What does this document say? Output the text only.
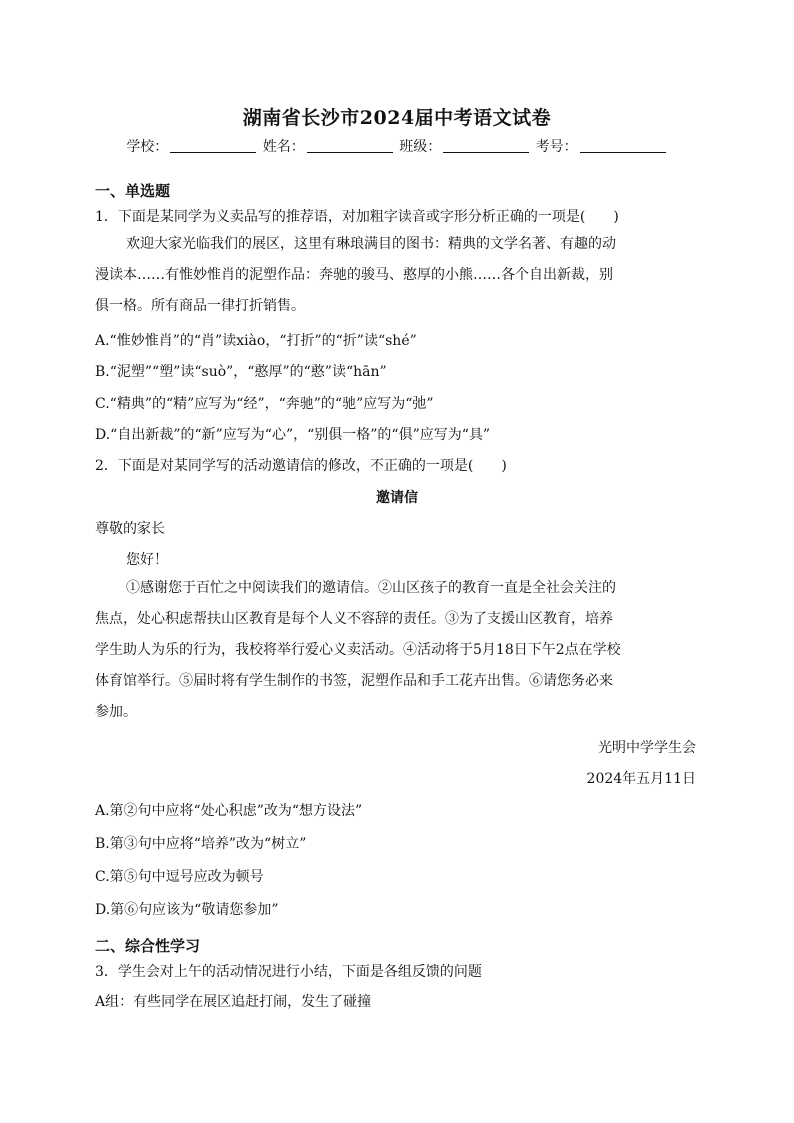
湖南省长沙市2024届中考语文试卷
学校：	姓名：	班级：	考号：
一、单选题
1．下面是某同学为义卖品写的推荐语，对加粗字读音或字形分析正确的一项是(　　)

欢迎大家光临我们的展区，这里有琳琅满目的图书：精典的文学名著、有趣的动

漫读本……有惟妙惟肖的泥塑作品：奔驰的骏马、憨厚的小熊……各个自出新裁，别

俱一格。所有商品一律打折销售。

A.“惟妙惟肖”的“肖”读xiào，“打折”的“折”读“shé”
B.“泥塑”“塑”读“suò”，“憨厚”的“憨”读“hān”
C.“精典”的“精”应写为“经”，“奔驰”的“驰”应写为“弛”
D.“自出新裁”的“新”应写为“心”，“别俱一格”的“俱”应写为“具”
2．下面是对某同学写的活动邀请信的修改，不正确的一项是(　　)
邀请信
尊敬的家长
您好！

①感谢您于百忙之中阅读我们的邀请信。②山区孩子的教育一直是全社会关注的

焦点，处心积虑帮扶山区教育是每个人义不容辞的责任。③为了支援山区教育，培养

学生助人为乐的行为，我校将举行爱心义卖活动。④活动将于5月18日下午2点在学校

体育馆举行。⑤届时将有学生制作的书签，泥塑作品和手工花卉出售。⑥请您务必来

参加。

光明中学学生会
2024年五月11日
A.第②句中应将“处心积虑”改为“想方设法”
B.第③句中应将“培养”改为“树立”
C.第⑤句中逗号应改为顿号
D.第⑥句应该为“敬请您参加”
二、综合性学习
3．学生会对上午的活动情况进行小结，下面是各组反馈的问题
A组：有些同学在展区追赶打闹，发生了碰撞
